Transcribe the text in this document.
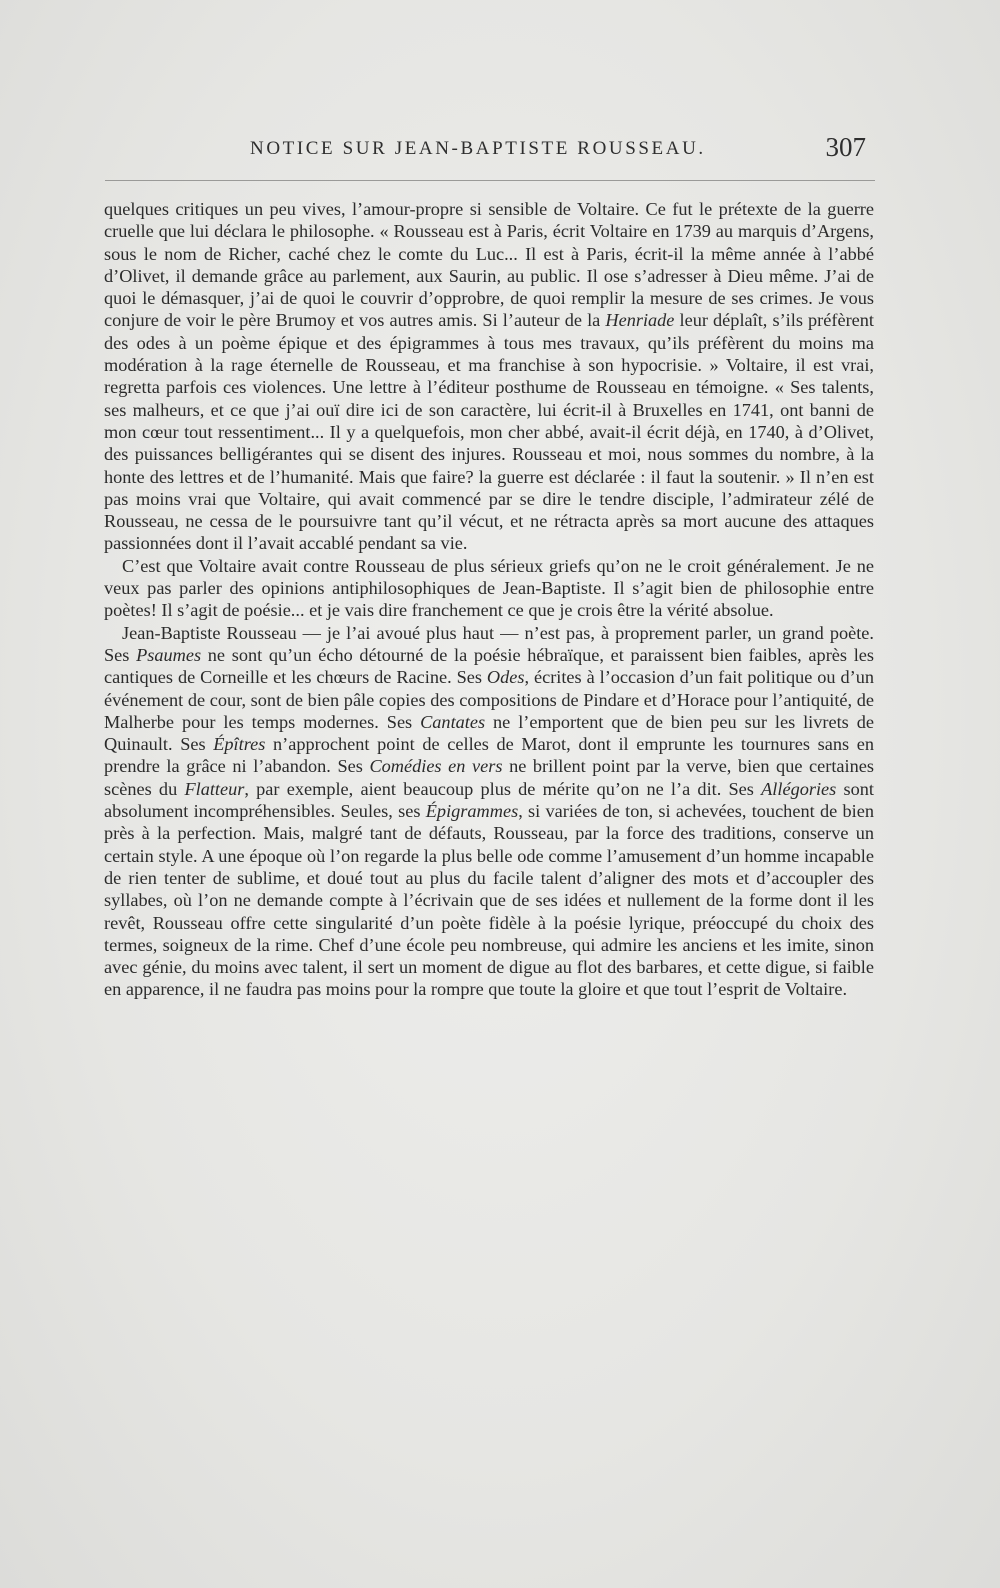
NOTICE SUR JEAN-BAPTISTE ROUSSEAU.	307

quelques critiques un peu vives, l’amour-propre si sensible de Voltaire. Ce fut le prétexte de la guerre cruelle que lui déclara le philosophe. « Rousseau est à Paris, écrit Voltaire en 1739 au marquis d’Argens, sous le nom de Richer, caché chez le comte du Luc... Il est à Paris, écrit-il la même année à l’abbé d’Olivet, il demande grâce au parlement, aux Saurin, au public. Il ose s’adresser à Dieu même. J’ai de quoi le démasquer, j’ai de quoi le couvrir d’opprobre, de quoi remplir la mesure de ses crimes. Je vous conjure de voir le père Brumoy et vos autres amis. Si l’auteur de la Henriade leur déplaît, s’ils préfèrent des odes à un poème épique et des épigrammes à tous mes travaux, qu’ils préfèrent du moins ma modération à la rage éternelle de Rousseau, et ma franchise à son hypocrisie. » Voltaire, il est vrai, regretta parfois ces violences. Une lettre à l’éditeur posthume de Rousseau en témoigne. « Ses talents, ses malheurs, et ce que j’ai ouï dire ici de son caractère, lui écrit-il à Bruxelles en 1741, ont banni de mon cœur tout ressentiment... Il y a quelquefois, mon cher abbé, avait-il écrit déjà, en 1740, à d’Olivet, des puissances belligérantes qui se disent des injures. Rousseau et moi, nous sommes du nombre, à la honte des lettres et de l’humanité. Mais que faire? la guerre est déclarée : il faut la soutenir. » Il n’en est pas moins vrai que Voltaire, qui avait commencé par se dire le tendre disciple, l’admirateur zélé de Rousseau, ne cessa de le poursuivre tant qu’il vécut, et ne rétracta après sa mort aucune des attaques passionnées dont il l’avait accablé pendant sa vie.

C’est que Voltaire avait contre Rousseau de plus sérieux griefs qu’on ne le croit généralement. Je ne veux pas parler des opinions antiphilosophiques de Jean-Baptiste. Il s’agit bien de philosophie entre poètes! Il s’agit de poésie... et je vais dire franchement ce que je crois être la vérité absolue.

Jean-Baptiste Rousseau — je l’ai avoué plus haut — n’est pas, à proprement parler, un grand poète. Ses Psaumes ne sont qu’un écho détourné de la poésie hébraïque, et paraissent bien faibles, après les cantiques de Corneille et les chœurs de Racine. Ses Odes, écrites à l’occasion d’un fait politique ou d’un événement de cour, sont de bien pâle copies des compositions de Pindare et d’Horace pour l’antiquité, de Malherbe pour les temps modernes. Ses Cantates ne l’emportent que de bien peu sur les livrets de Quinault. Ses Épîtres n’approchent point de celles de Marot, dont il emprunte les tournures sans en prendre la grâce ni l’abandon. Ses Comédies en vers ne brillent point par la verve, bien que certaines scènes du Flatteur, par exemple, aient beaucoup plus de mérite qu’on ne l’a dit. Ses Allégories sont absolument incompréhensibles. Seules, ses Épigrammes, si variées de ton, si achevées, touchent de bien près à la perfection. Mais, malgré tant de défauts, Rousseau, par la force des traditions, conserve un certain style. A une époque où l’on regarde la plus belle ode comme l’amusement d’un homme incapable de rien tenter de sublime, et doué tout au plus du facile talent d’aligner des mots et d’accoupler des syllabes, où l’on ne demande compte à l’écrivain que de ses idées et nullement de la forme dont il les revêt, Rousseau offre cette singularité d’un poète fidèle à la poésie lyrique, préoccupé du choix des termes, soigneux de la rime. Chef d’une école peu nombreuse, qui admire les anciens et les imite, sinon avec génie, du moins avec talent, il sert un moment de digue au flot des barbares, et cette digue, si faible en apparence, il ne faudra pas moins pour la rompre que toute la gloire et que tout l’esprit de Voltaire.
